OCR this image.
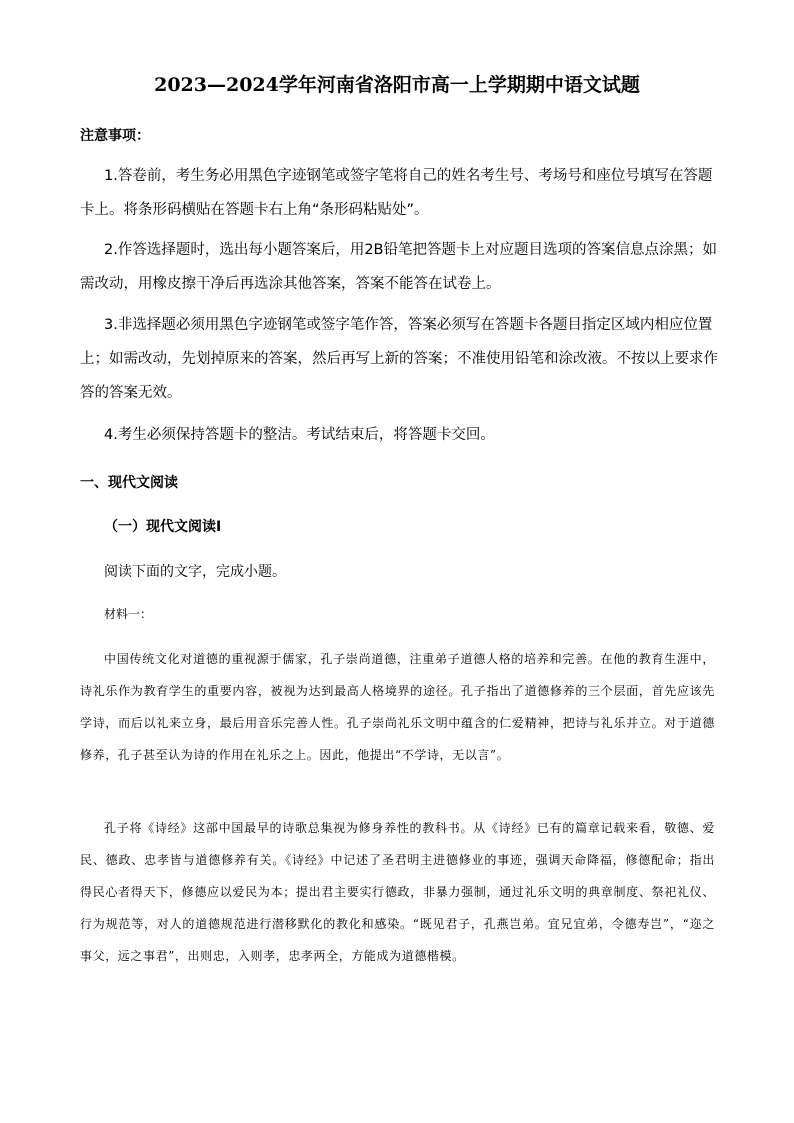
2023—2024学年河南省洛阳市高一上学期期中语文试题
注意事项：
1.答卷前，考生务必用黑色字迹钢笔或签字笔将自己的姓名考生号、考场号和座位号填写在答题卡上。将条形码横贴在答题卡右上角“条形码粘贴处”。
2.作答选择题时，选出每小题答案后，用2B铅笔把答题卡上对应题目选项的答案信息点涂黑；如需改动，用橡皮擦干净后再选涂其他答案，答案不能答在试卷上。
3.非选择题必须用黑色字迹钢笔或签字笔作答，答案必须写在答题卡各题目指定区域内相应位置上；如需改动，先划掉原来的答案，然后再写上新的答案；不准使用铅笔和涂改液。不按以上要求作答的答案无效。
4.考生必须保持答题卡的整洁。考试结束后，将答题卡交回。
一、现代文阅读
（一）现代文阅读Ⅰ
阅读下面的文字，完成小题。
材料一：
中国传统文化对道德的重视源于儒家，孔子崇尚道德，注重弟子道德人格的培养和完善。在他的教育生涯中，诗礼乐作为教育学生的重要内容，被视为达到最高人格境界的途径。孔子指出了道德修养的三个层面，首先应该先学诗，而后以礼来立身，最后用音乐完善人性。孔子崇尚礼乐文明中蕴含的仁爱精神，把诗与礼乐并立。对于道德修养，孔子甚至认为诗的作用在礼乐之上。因此，他提出“不学诗，无以言”。
孔子将《诗经》这部中国最早的诗歌总集视为修身养性的教科书。从《诗经》已有的篇章记载来看，敬德、爱民、德政、忠孝皆与道德修养有关。《诗经》中记述了圣君明主进德修业的事迹，强调天命降福，修德配命；指出得民心者得天下，修德应以爱民为本；提出君主要实行德政，非暴力强制，通过礼乐文明的典章制度、祭祀礼仪、行为规范等，对人的道德规范进行潜移默化的教化和感染。“既见君子，孔燕岂弟。宜兄宜弟，令德寿岂”，“迩之事父，远之事君”，出则忠，入则孝，忠孝两全，方能成为道德楷模。
